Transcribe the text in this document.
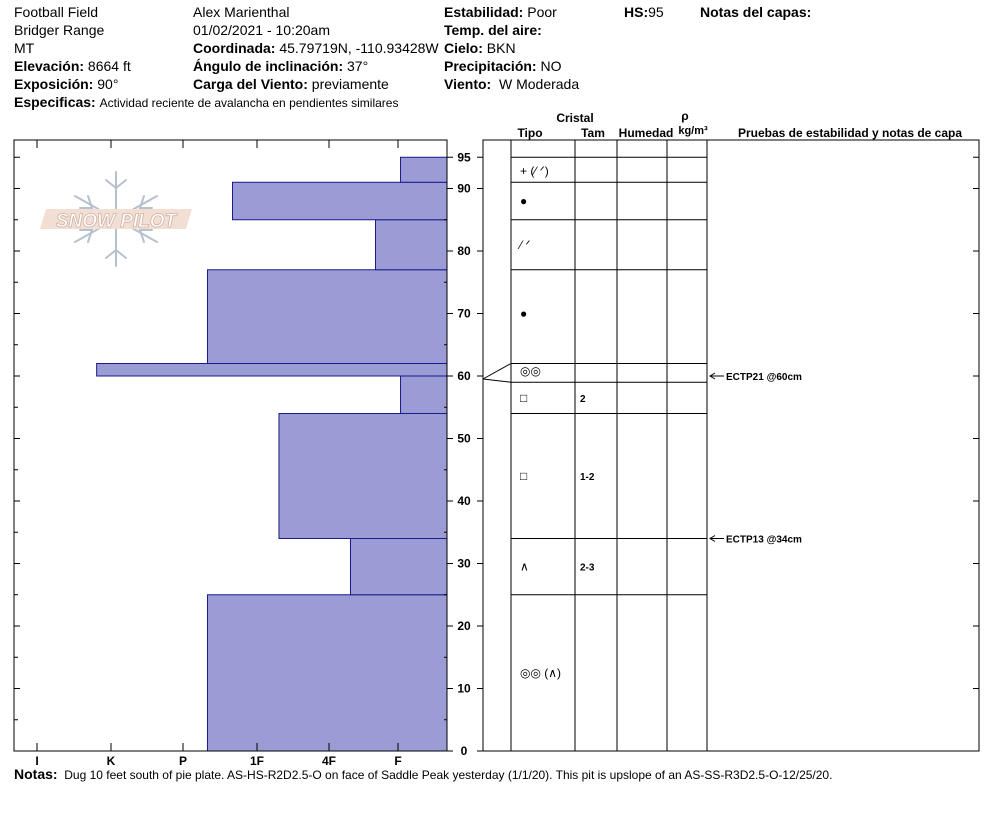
Football Field
Bridger Range
MT
Elevación: 8664 ft
Exposición: 90°
Especificas: Actividad reciente de avalancha en pendientes similares
Alex Marienthal
01/02/2021 - 10:20am
Coordinada: 45.79719N, -110.93428W
Ángulo de inclinación: 37°
Carga del Viento: previamente
Estabilidad: Poor
Temp. del aire:
Cielo: BKN
Precipitación: NO
Viento: W Moderada
HS:95	Notas del capas:
SNOW PILOT
0
10
20
30
40
50
60
70
80
90
95
I	K	P	1F	4F	F
+ (⁄ ᐟ)
●
⁄ ᐟ
●
◎◎
□	2
□	1-2
∧	2-3
◎◎ (∧)
ECTP21 @60cm
ECTP13 @34cm
Cristal
Tipo	Tam Humedad
ρ
kg/m³	Pruebas de estabilidad y notas de capa
Notas: Dug 10 feet south of pie plate. AS-HS-R2D2.5-O on face of Saddle Peak yesterday (1/1/20). This pit is upslope of an AS-SS-R3D2.5-O-12/25/20.
